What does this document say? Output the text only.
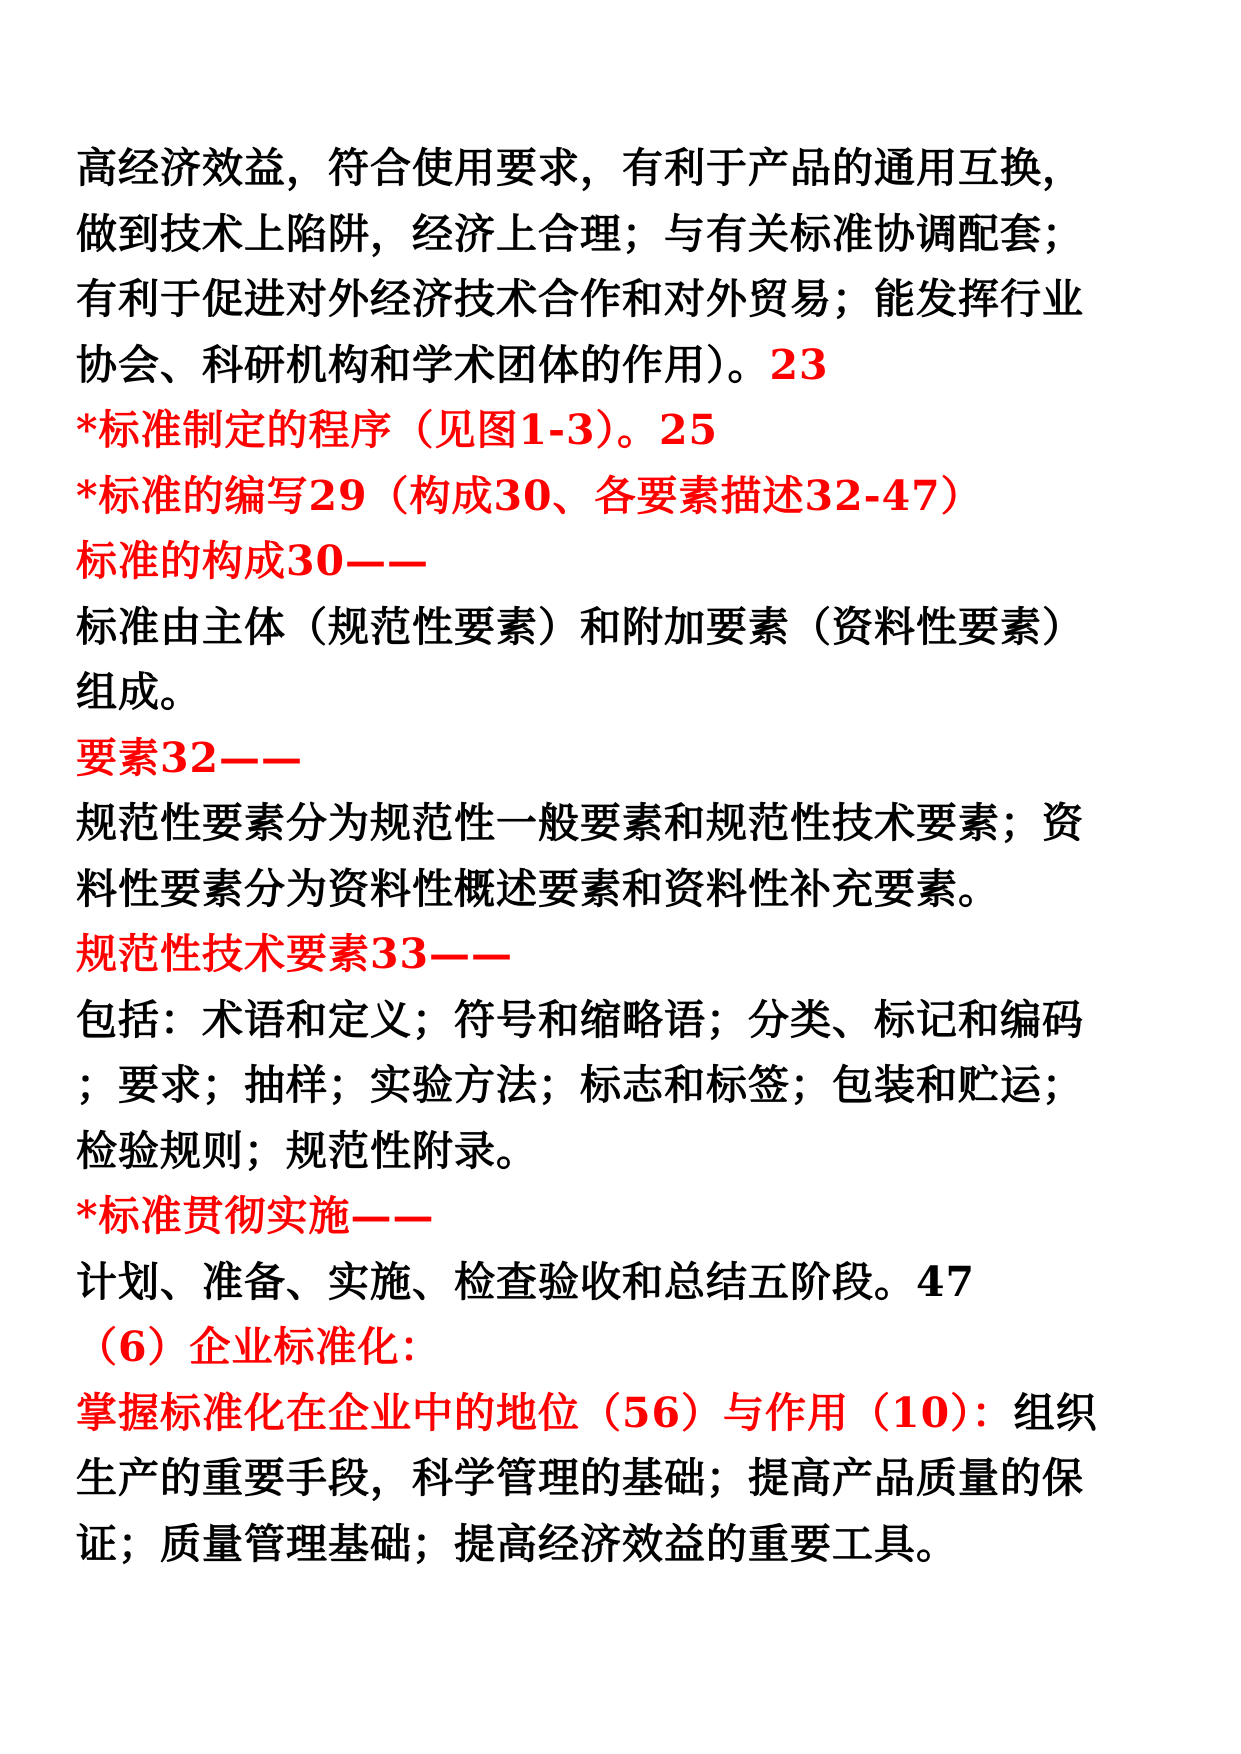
高经济效益，符合使用要求，有利于产品的通用互换，
做到技术上陷阱，经济上合理；与有关标准协调配套；
有利于促进对外经济技术合作和对外贸易；能发挥行业
协会、科研机构和学术团体的作用）。23
*标准制定的程序（见图1-3）。25
*标准的编写29（构成30、各要素描述32-47）
标准的构成30——
标准由主体（规范性要素）和附加要素（资料性要素）
组成。
要素32——
规范性要素分为规范性一般要素和规范性技术要素；资
料性要素分为资料性概述要素和资料性补充要素。
规范性技术要素33——
包括：术语和定义；符号和缩略语；分类、标记和编码
；要求；抽样；实验方法；标志和标签；包装和贮运；
检验规则；规范性附录。
*标准贯彻实施——
计划、准备、实施、检查验收和总结五阶段。47
（6）企业标准化：
掌握标准化在企业中的地位（56）与作用（10）：组织
生产的重要手段，科学管理的基础；提高产品质量的保
证；质量管理基础；提高经济效益的重要工具。
